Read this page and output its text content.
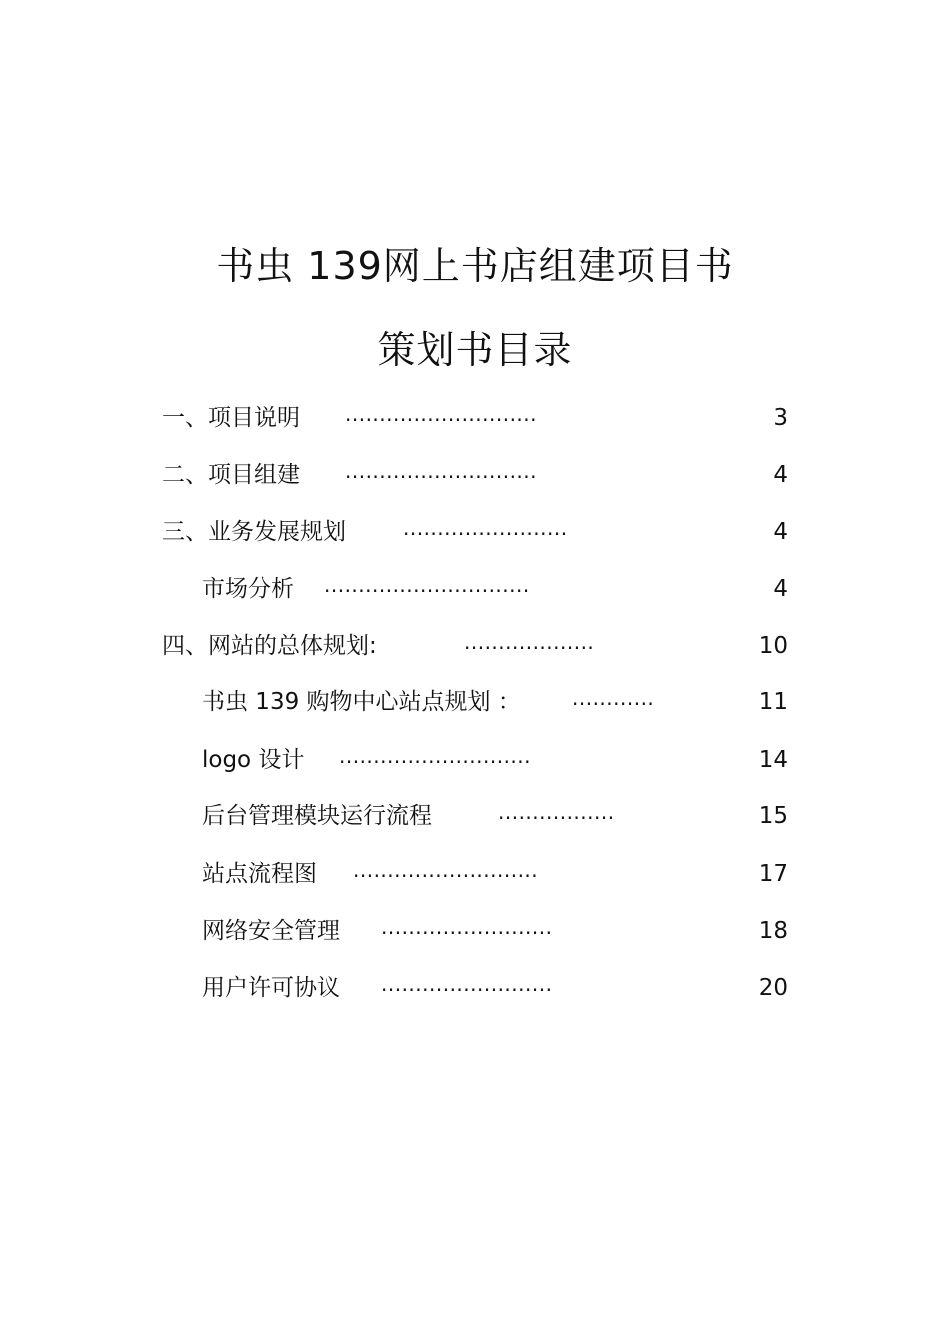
书虫 139网上书店组建项目书
策划书目录
一、项目说明 ............................	3
二、项目组建 ............................	4
三、业务发展规划	........................	4
市场分析 ..............................	4
四、网站的总体规划:	...................	10
书虫 139 购物中心站点规划 ：	............	11
logo 设计 ............................	14
后台管理模块运行流程	.................	15
站点流程图 ...........................	17
网络安全管理 .........................	18
用户许可协议 .........................	20
